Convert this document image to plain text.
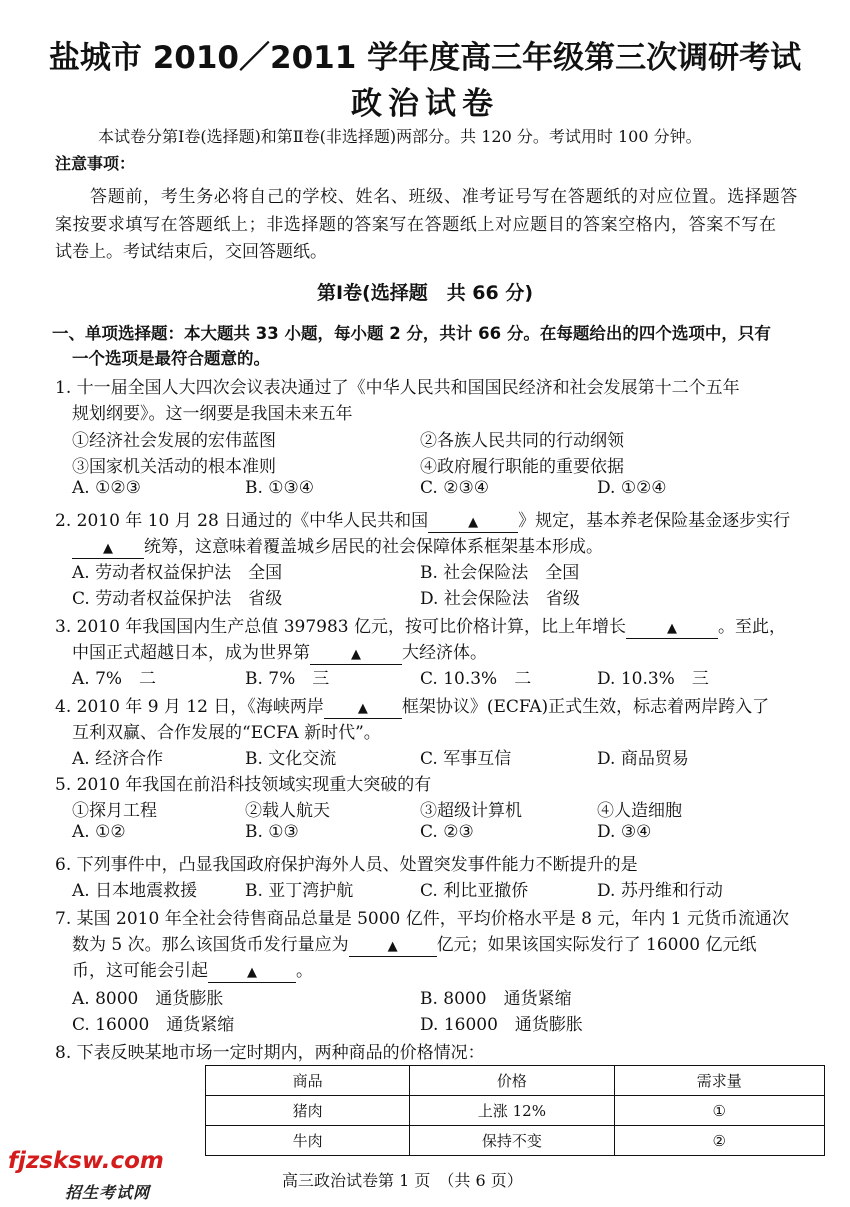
盐城市 2010／2011 学年度高三年级第三次调研考试
政治试卷
本试卷分第Ⅰ卷(选择题)和第Ⅱ卷(非选择题)两部分。共 120 分。考试用时 100 分钟。
注意事项：
答题前，考生务必将自己的学校、姓名、班级、准考证号写在答题纸的对应位置。选择题答
案按要求填写在答题纸上；非选择题的答案写在答题纸上对应题目的答案空格内，答案不写在
试卷上。考试结束后，交回答题纸。
第Ⅰ卷(选择题　共 66 分)
一、单项选择题：本大题共 33 小题，每小题 2 分，共计 66 分。在每题给出的四个选项中，只有
一个选项是最符合题意的。
1. 十一届全国人大四次会议表决通过了《中华人民共和国国民经济和社会发展第十二个五年
规划纲要》。这一纲要是我国未来五年
①经济社会发展的宏伟蓝图	②各族人民共同的行动纲领
③国家机关活动的根本准则	④政府履行职能的重要依据
A. ①②③	B. ①③④	C. ②③④	D. ①②④
2. 2010 年 10 月 28 日通过的《中华人民共和国	▲ 》规定，基本养老保险基金逐步实行
▲ 统筹，这意味着覆盖城乡居民的社会保障体系框架基本形成。
A. 劳动者权益保护法　全国	B. 社会保险法　全国
C. 劳动者权益保护法　省级	D. 社会保险法　省级
3. 2010 年我国国内生产总值 397983 亿元，按可比价格计算，比上年增长	▲ 。至此，
中国正式超越日本，成为世界第	▲ 大经济体。
A. 7%　二	B. 7%　三	C. 10.3%　二	D. 10.3%　三
4. 2010 年 9 月 12 日，《海峡两岸	▲ 框架协议》(ECFA)正式生效，标志着两岸跨入了
互利双赢、合作发展的“ECFA 新时代”。
A. 经济合作	B. 文化交流	C. 军事互信	D. 商品贸易
5. 2010 年我国在前沿科技领域实现重大突破的有
①探月工程	②载人航天	③超级计算机	④人造细胞
A. ①②	B. ①③	C. ②③	D. ③④
6. 下列事件中，凸显我国政府保护海外人员、处置突发事件能力不断提升的是
A. 日本地震救援	B. 亚丁湾护航	C. 利比亚撤侨	D. 苏丹维和行动
7. 某国 2010 年全社会待售商品总量是 5000 亿件，平均价格水平是 8 元，年内 1 元货币流通次
数为 5 次。那么该国货币发行量应为	▲ 亿元；如果该国实际发行了 16000 亿元纸
币，这可能会引起	▲ 。
A. 8000　通货膨胀	B. 8000　通货紧缩
C. 16000　通货紧缩	D. 16000　通货膨胀
8. 下表反映某地市场一定时期内，两种商品的价格情况：
商品	价格	需求量
猪肉	上涨 12%	①
牛肉	保持不变	②
高三政治试卷第 1 页　（共 6 页）
fjzsksw.com
招生考试网
